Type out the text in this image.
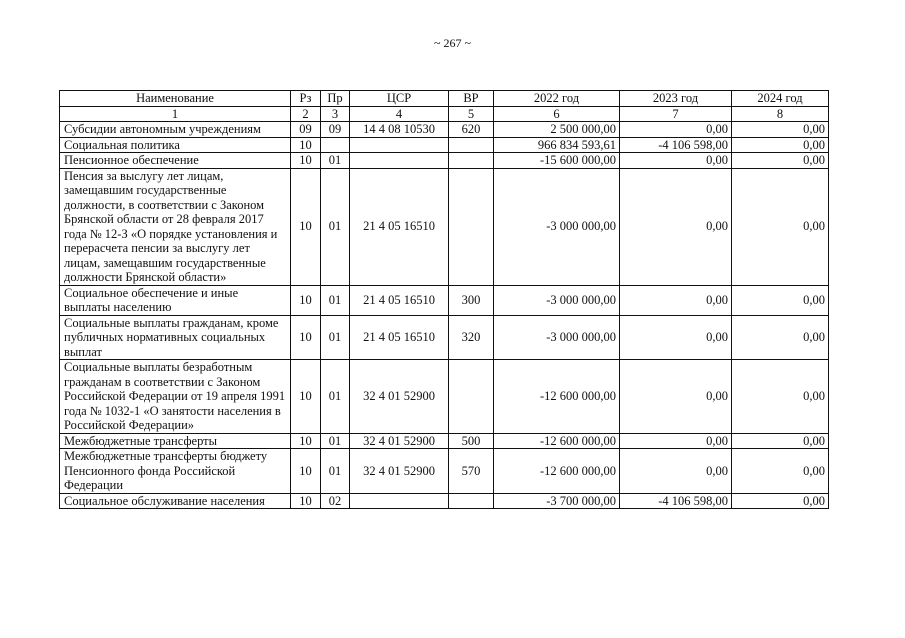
~ 267 ~
Наименование	Рз	Пр	ЦСР	ВР	2022 год	2023 год	2024 год
1	2	3	4	5	6	7	8
Субсидии автономным учреждениям	09	09	14 4 08 10530	620	2 500 000,00	0,00	0,00
Социальная политика	10				966 834 593,61	-4 106 598,00	0,00
Пенсионное обеспечение	10	01			-15 600 000,00	0,00	0,00
Пенсия за выслугу лет лицам, замещавшим государственные должности, в соответствии с Законом Брянской области от 28 февраля 2017 года № 12-З «О порядке установления и перерасчета пенсии за выслугу лет лицам, замещавшим государственные должности Брянской области»	10	01	21 4 05 16510		-3 000 000,00	0,00	0,00
Социальное обеспечение и иные выплаты населению	10	01	21 4 05 16510	300	-3 000 000,00	0,00	0,00
Социальные выплаты гражданам, кроме публичных нормативных социальных выплат	10	01	21 4 05 16510	320	-3 000 000,00	0,00	0,00
Социальные выплаты безработным гражданам в соответствии с Законом Российской Федерации от 19 апреля 1991 года № 1032-1 «О занятости населения в Российской Федерации»	10	01	32 4 01 52900		-12 600 000,00	0,00	0,00
Межбюджетные трансферты	10	01	32 4 01 52900	500	-12 600 000,00	0,00	0,00
Межбюджетные трансферты бюджету Пенсионного фонда Российской Федерации	10	01	32 4 01 52900	570	-12 600 000,00	0,00	0,00
Социальное обслуживание населения	10	02			-3 700 000,00	-4 106 598,00	0,00
